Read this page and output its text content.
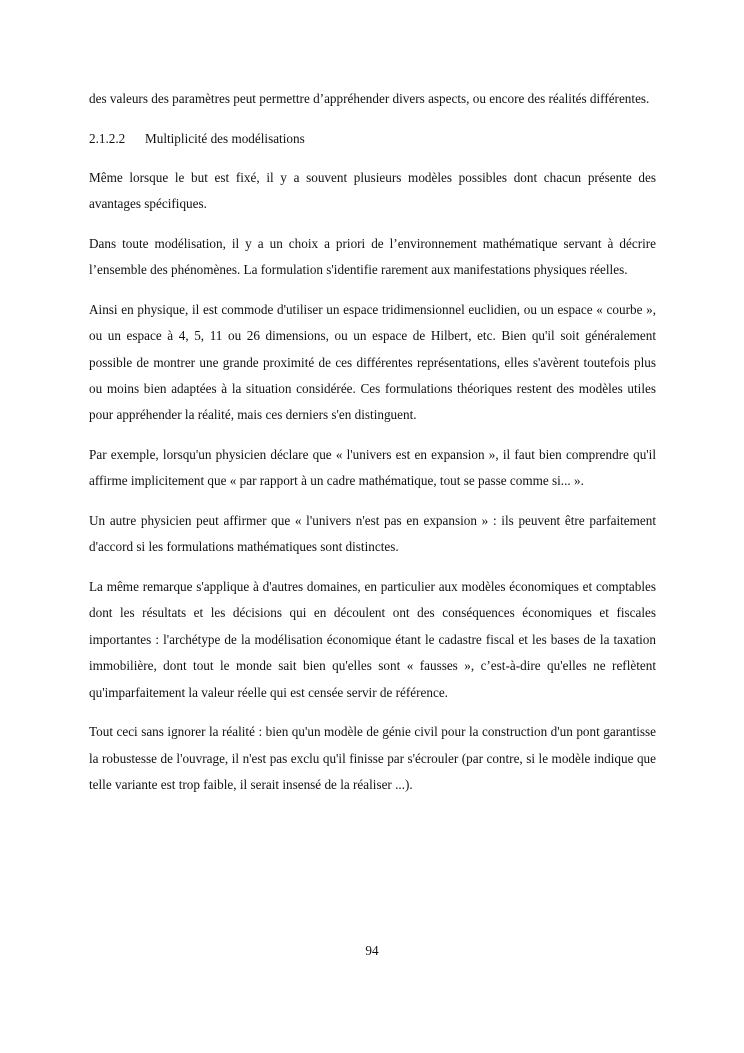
des valeurs des paramètres peut permettre d’appréhender divers aspects, ou encore des réalités différentes.

2.1.2.2 Multiplicité des modélisations

Même lorsque le but est fixé, il y a souvent plusieurs modèles possibles dont chacun présente des avantages spécifiques.

Dans toute modélisation, il y a un choix a priori de l’environnement mathématique servant à décrire l’ensemble des phénomènes. La formulation s'identifie rarement aux manifestations physiques réelles.

Ainsi en physique, il est commode d'utiliser un espace tridimensionnel euclidien, ou un espace « courbe », ou un espace à 4, 5, 11 ou 26 dimensions, ou un espace de Hilbert, etc. Bien qu'il soit généralement possible de montrer une grande proximité de ces différentes représentations, elles s'avèrent toutefois plus ou moins bien adaptées à la situation considérée. Ces formulations théoriques restent des modèles utiles pour appréhender la réalité, mais ces derniers s'en distinguent.

Par exemple, lorsqu'un physicien déclare que « l'univers est en expansion », il faut bien comprendre qu'il affirme implicitement que « par rapport à un cadre mathématique, tout se passe comme si... ».

Un autre physicien peut affirmer que « l'univers n'est pas en expansion » : ils peuvent être parfaitement d'accord si les formulations mathématiques sont distinctes.

La même remarque s'applique à d'autres domaines, en particulier aux modèles économiques et comptables dont les résultats et les décisions qui en découlent ont des conséquences économiques et fiscales importantes : l'archétype de la modélisation économique étant le cadastre fiscal et les bases de la taxation immobilière, dont tout le monde sait bien qu'elles sont « fausses », c’est-à-dire qu'elles ne reflètent qu'imparfaitement la valeur réelle qui est censée servir de référence.

Tout ceci sans ignorer la réalité : bien qu'un modèle de génie civil pour la construction d'un pont garantisse la robustesse de l'ouvrage, il n'est pas exclu qu'il finisse par s'écrouler (par contre, si le modèle indique que telle variante est trop faible, il serait insensé de la réaliser ...).

94
